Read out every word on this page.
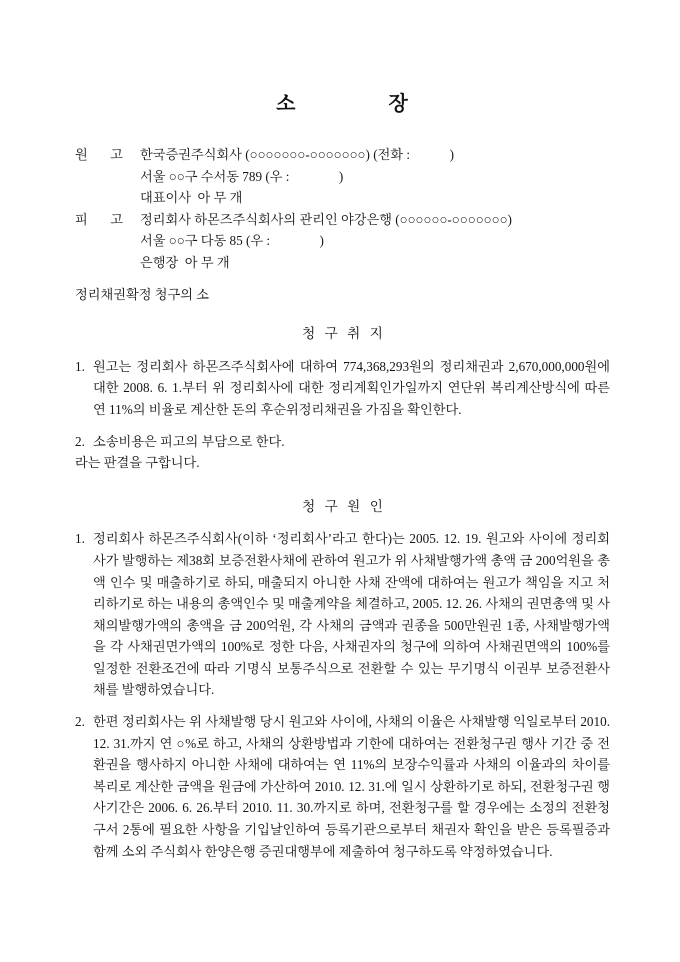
소	장
원 고 한국증권주식회사 (○○○○○○○-○○○○○○○) (전화 :            )
서울 ○○구 수서동 789 (우 :               )
대표이사  아 무 개
피 고 정리회사 하몬즈주식회사의 관리인 야강은행 (○○○○○○-○○○○○○○)
서울 ○○구 다동 85 (우 :               )
은행장  아 무 개
정리채권확정 청구의 소
청 구 취 지

1. 원고는 정리회사 하몬즈주식회사에 대하여 774,368,293원의 정리채권과 2,670,000,000원에 대한 2008. 6. 1.부터 위 정리회사에 대한 정리계획인가일까지 연단위 복리계산방식에 따른 연 11%의 비율로 계산한 돈의 후순위정리채권을 가짐을 확인한다.

2. 소송비용은 피고의 부담으로 한다.

라는 판결을 구합니다.

청 구 원 인

1. 정리회사 하몬즈주식회사(이하 ‘정리회사’라고 한다)는 2005. 12. 19. 원고와 사이에 정리회사가 발행하는 제38회 보증전환사채에 관하여 원고가 위 사채발행가액 총액 금 200억원을 총액 인수 및 매출하기로 하되, 매출되지 아니한 사채 잔액에 대하여는 원고가 책임을 지고 처리하기로 하는 내용의 총액인수 및 매출계약을 체결하고, 2005. 12. 26. 사채의 권면총액 및 사채의발행가액의 총액을 금 200억원, 각 사채의 금액과 권종을 500만원권 1종, 사채발행가액을 각 사채권면가액의 100%로 정한 다음, 사채권자의 청구에 의하여 사채권면액의 100%를 일정한 전환조건에 따라 기명식 보통주식으로 전환할 수 있는 무기명식 이권부 보증전환사채를 발행하였습니다.

2. 한편 정리회사는 위 사채발행 당시 원고와 사이에, 사채의 이율은 사채발행 익일로부터 2010. 12. 31.까지 연 ○%로 하고, 사채의 상환방법과 기한에 대하여는 전환청구권 행사 기간 중 전환권을 행사하지 아니한 사채에 대하여는 연 11%의 보장수익률과 사채의 이율과의 차이를 복리로 계산한 금액을 원금에 가산하여 2010. 12. 31.에 일시 상환하기로 하되, 전환청구권 행사기간은 2006. 6. 26.부터 2010. 11. 30.까지로 하며, 전환청구를 할 경우에는 소정의 전환청구서 2통에 필요한 사항을 기입날인하여 등록기관으로부터 채권자 확인을 받은 등록필증과 함께 소외 주식회사 한양은행 증권대행부에 제출하여 청구하도록 약정하였습니다.
